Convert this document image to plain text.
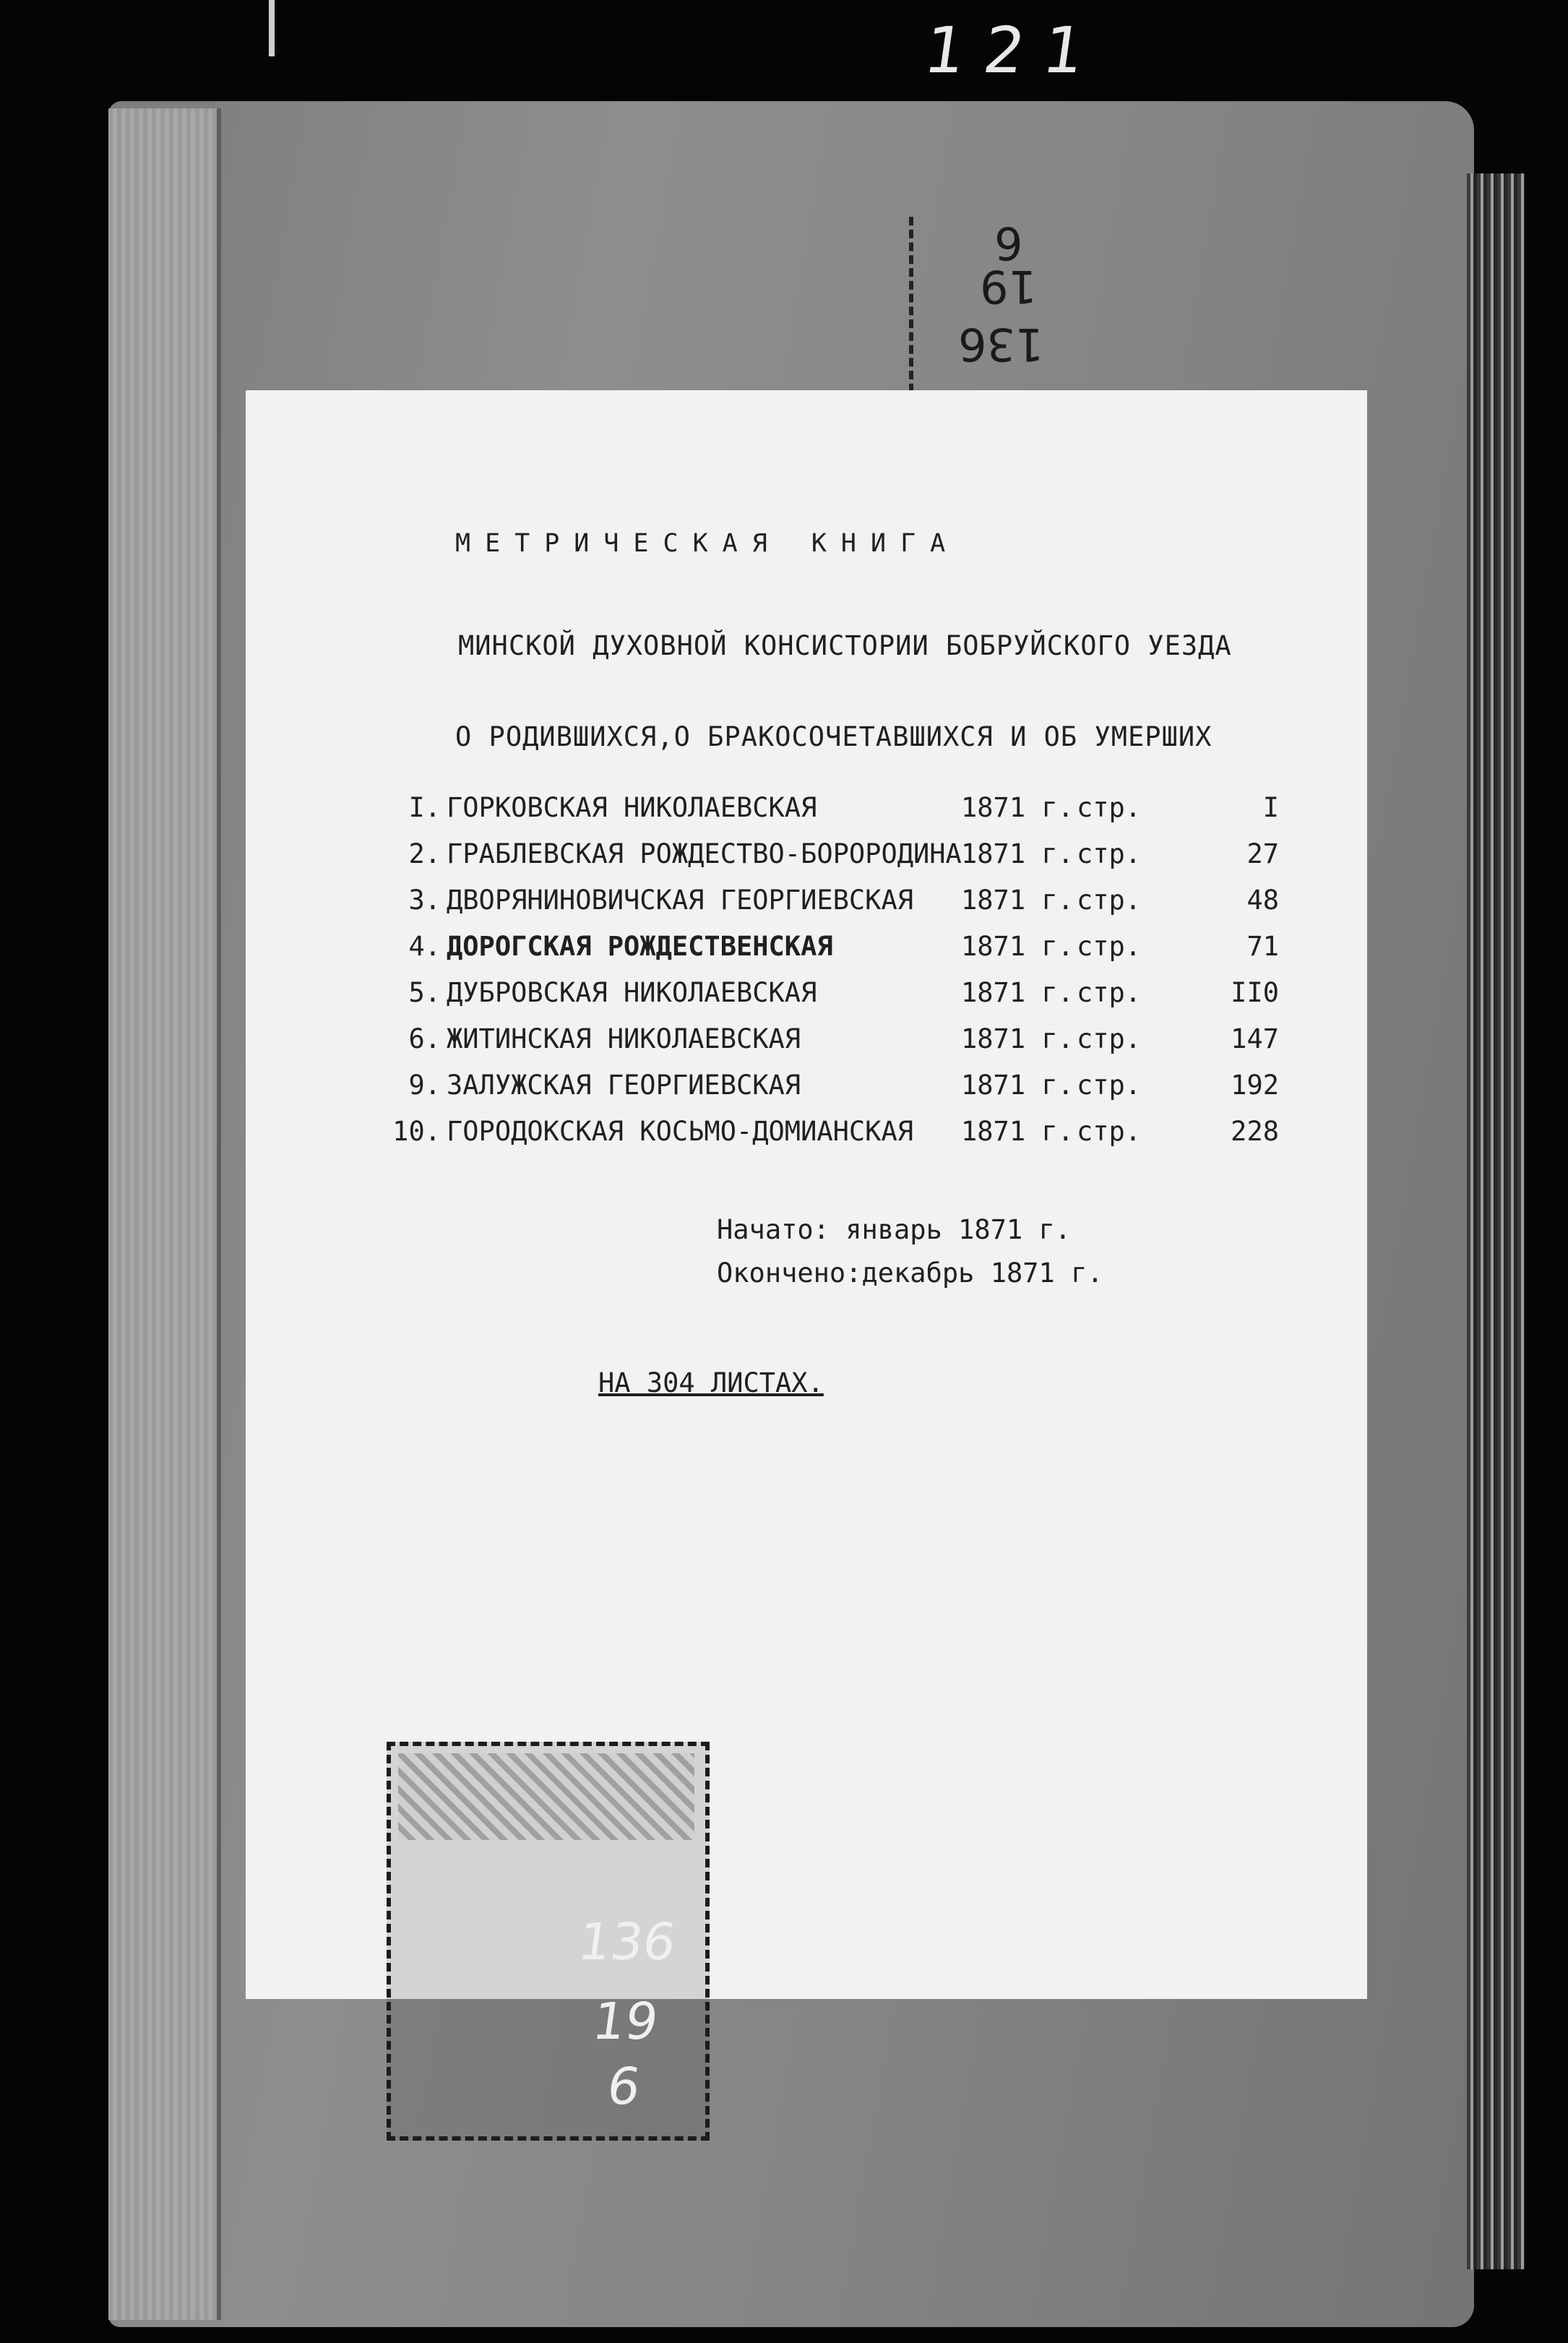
121
6
19
136
МЕТРИЧЕСКАЯ КНИГА
МИНСКОЙ ДУХОВНОЙ КОНСИСТОРИИ БОБРУЙСКОГО УЕЗДА
О РОДИВШИХСЯ,О БРАКОСОЧЕТАВШИХСЯ И ОБ УМЕРШИХ
I. ГОРКОВСКАЯ НИКОЛАЕВСКАЯ	1871 г. стр.	I
2. ГРАБЛЕВСКАЯ РОЖДЕСТВО-БОРОРОДИНА 1871 г. стр.	27
3. ДВОРЯНИНОВИЧСКАЯ ГЕОРГИЕВСКАЯ 1871 г. стр.	48
4. ДОРОГСКАЯ РОЖДЕСТВЕНСКАЯ	1871 г. стр.	71
5. ДУБРОВСКАЯ НИКОЛАЕВСКАЯ	1871 г. стр.	II0
6. ЖИТИНСКАЯ НИКОЛАЕВСКАЯ	1871 г. стр.	147
9. ЗАЛУЖСКАЯ ГЕОРГИЕВСКАЯ	1871 г. стр.	192
10. ГОРОДОКСКАЯ КОСЬМО-ДОМИАНСКАЯ 1871 г. стр.	228
Начато: январь 1871 г.
Окончено:декабрь 1871 г.
НА 304 ЛИСТАХ.
136
19
6
